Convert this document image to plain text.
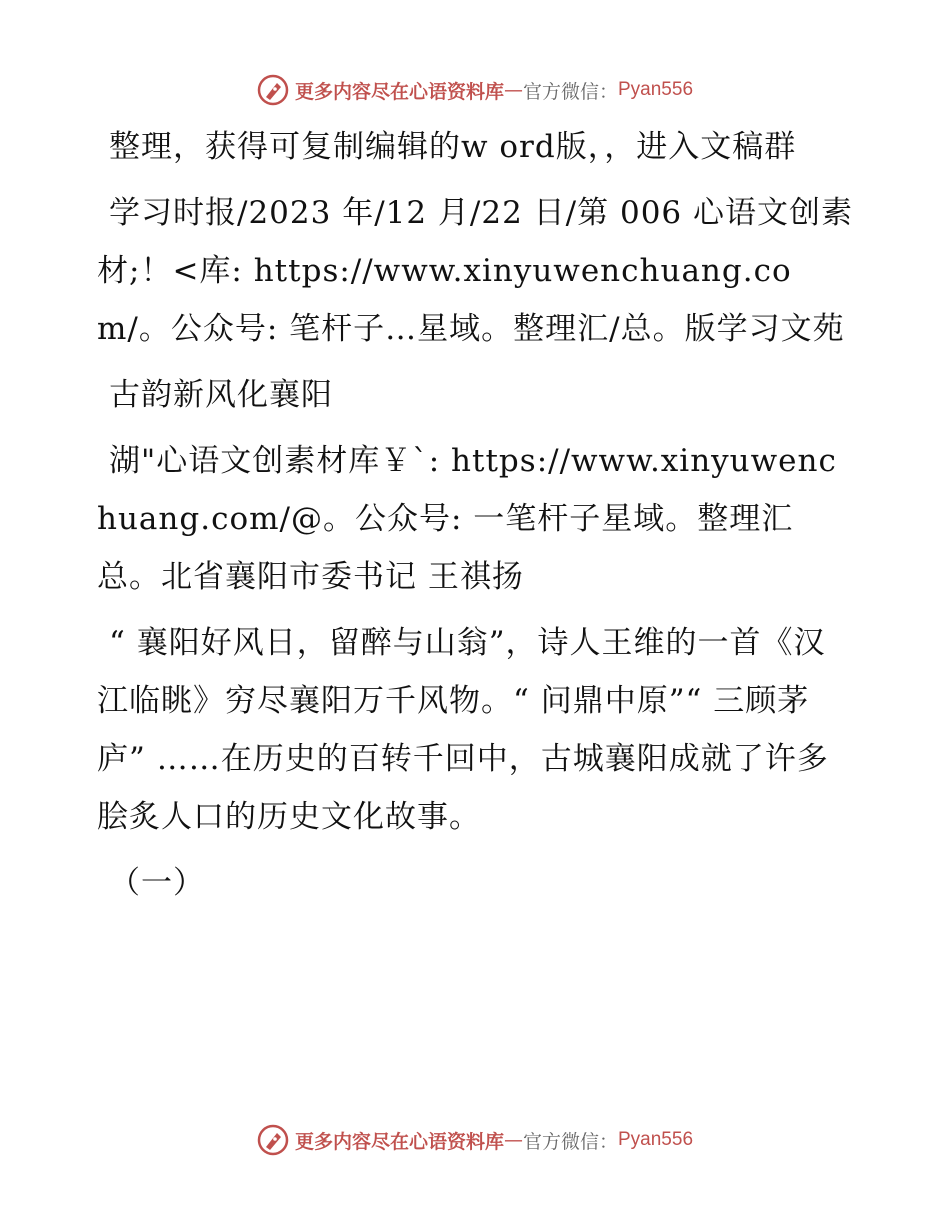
更多内容尽在心语资料库 — 官方微信： Pyan556

整理，获得可复制编辑的w ord版，，进入文稿群

学习时报/2023 年/12 月/22 日/第 006 心语文创素材;！<库: https://www.xinyuwenchuang.com/。公众号: 笔杆子…星域。整理汇/总。版学习文苑

古韵新风化襄阳

湖"心语文创素材库￥`: https://www.xinyuwenchuang.com/@。公众号: 一笔杆子星域。整理汇总。北省襄阳市委书记 王祺扬

“ 襄阳好风日，留醉与山翁”，诗人王维的一首《汉江临眺》穷尽襄阳万千风物。“ 问鼎中原”“ 三顾茅庐” ……在历史的百转千回中，古城襄阳成就了许多脍炙人口的历史文化故事。

（一）

更多内容尽在心语资料库 — 官方微信： Pyan556
